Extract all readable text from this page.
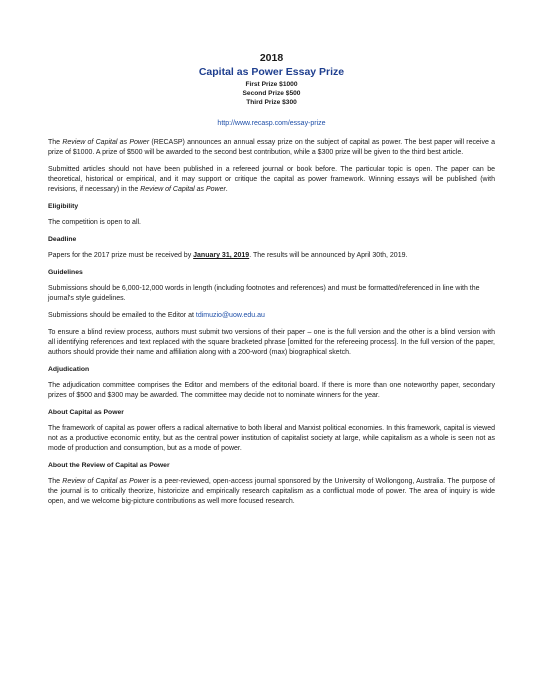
2018

Capital as Power Essay Prize

First Prize $1000

Second Prize $500

Third Prize $300

http://www.recasp.com/essay-prize

The Review of Capital as Power (RECASP) announces an annual essay prize on the subject of capital as power. The best paper will receive a prize of $1000. A prize of $500 will be awarded to the second best contribution, while a $300 prize will be given to the third best article.

Submitted articles should not have been published in a refereed journal or book before. The particular topic is open. The paper can be theoretical, historical or empirical, and it may support or critique the capital as power framework. Winning essays will be published (with revisions, if necessary) in the Review of Capital as Power.

Eligibility

The competition is open to all.

Deadline

Papers for the 2017 prize must be received by January 31, 2019. The results will be announced by April 30th, 2019.

Guidelines

Submissions should be 6,000-12,000 words in length (including footnotes and references) and must be formatted/referenced in line with the journal's style guidelines.

Submissions should be emailed to the Editor at tdimuzio@uow.edu.au

To ensure a blind review process, authors must submit two versions of their paper – one is the full version and the other is a blind version with all identifying references and text replaced with the square bracketed phrase [omitted for the refereeing process]. In the full version of the paper, authors should provide their name and affiliation along with a 200-word (max) biographical sketch.

Adjudication

The adjudication committee comprises the Editor and members of the editorial board. If there is more than one noteworthy paper, secondary prizes of $500 and $300 may be awarded. The committee may decide not to nominate winners for the year.

About Capital as Power

The framework of capital as power offers a radical alternative to both liberal and Marxist political economies. In this framework, capital is viewed not as a productive economic entity, but as the central power institution of capitalist society at large, while capitalism as a whole is seen not as mode of production and consumption, but as a mode of power.

About the Review of Capital as Power

The Review of Capital as Power is a peer-reviewed, open-access journal sponsored by the University of Wollongong, Australia. The purpose of the journal is to critically theorize, historicize and empirically research capitalism as a conflictual mode of power. The area of inquiry is wide open, and we welcome big-picture contributions as well more focused research.
